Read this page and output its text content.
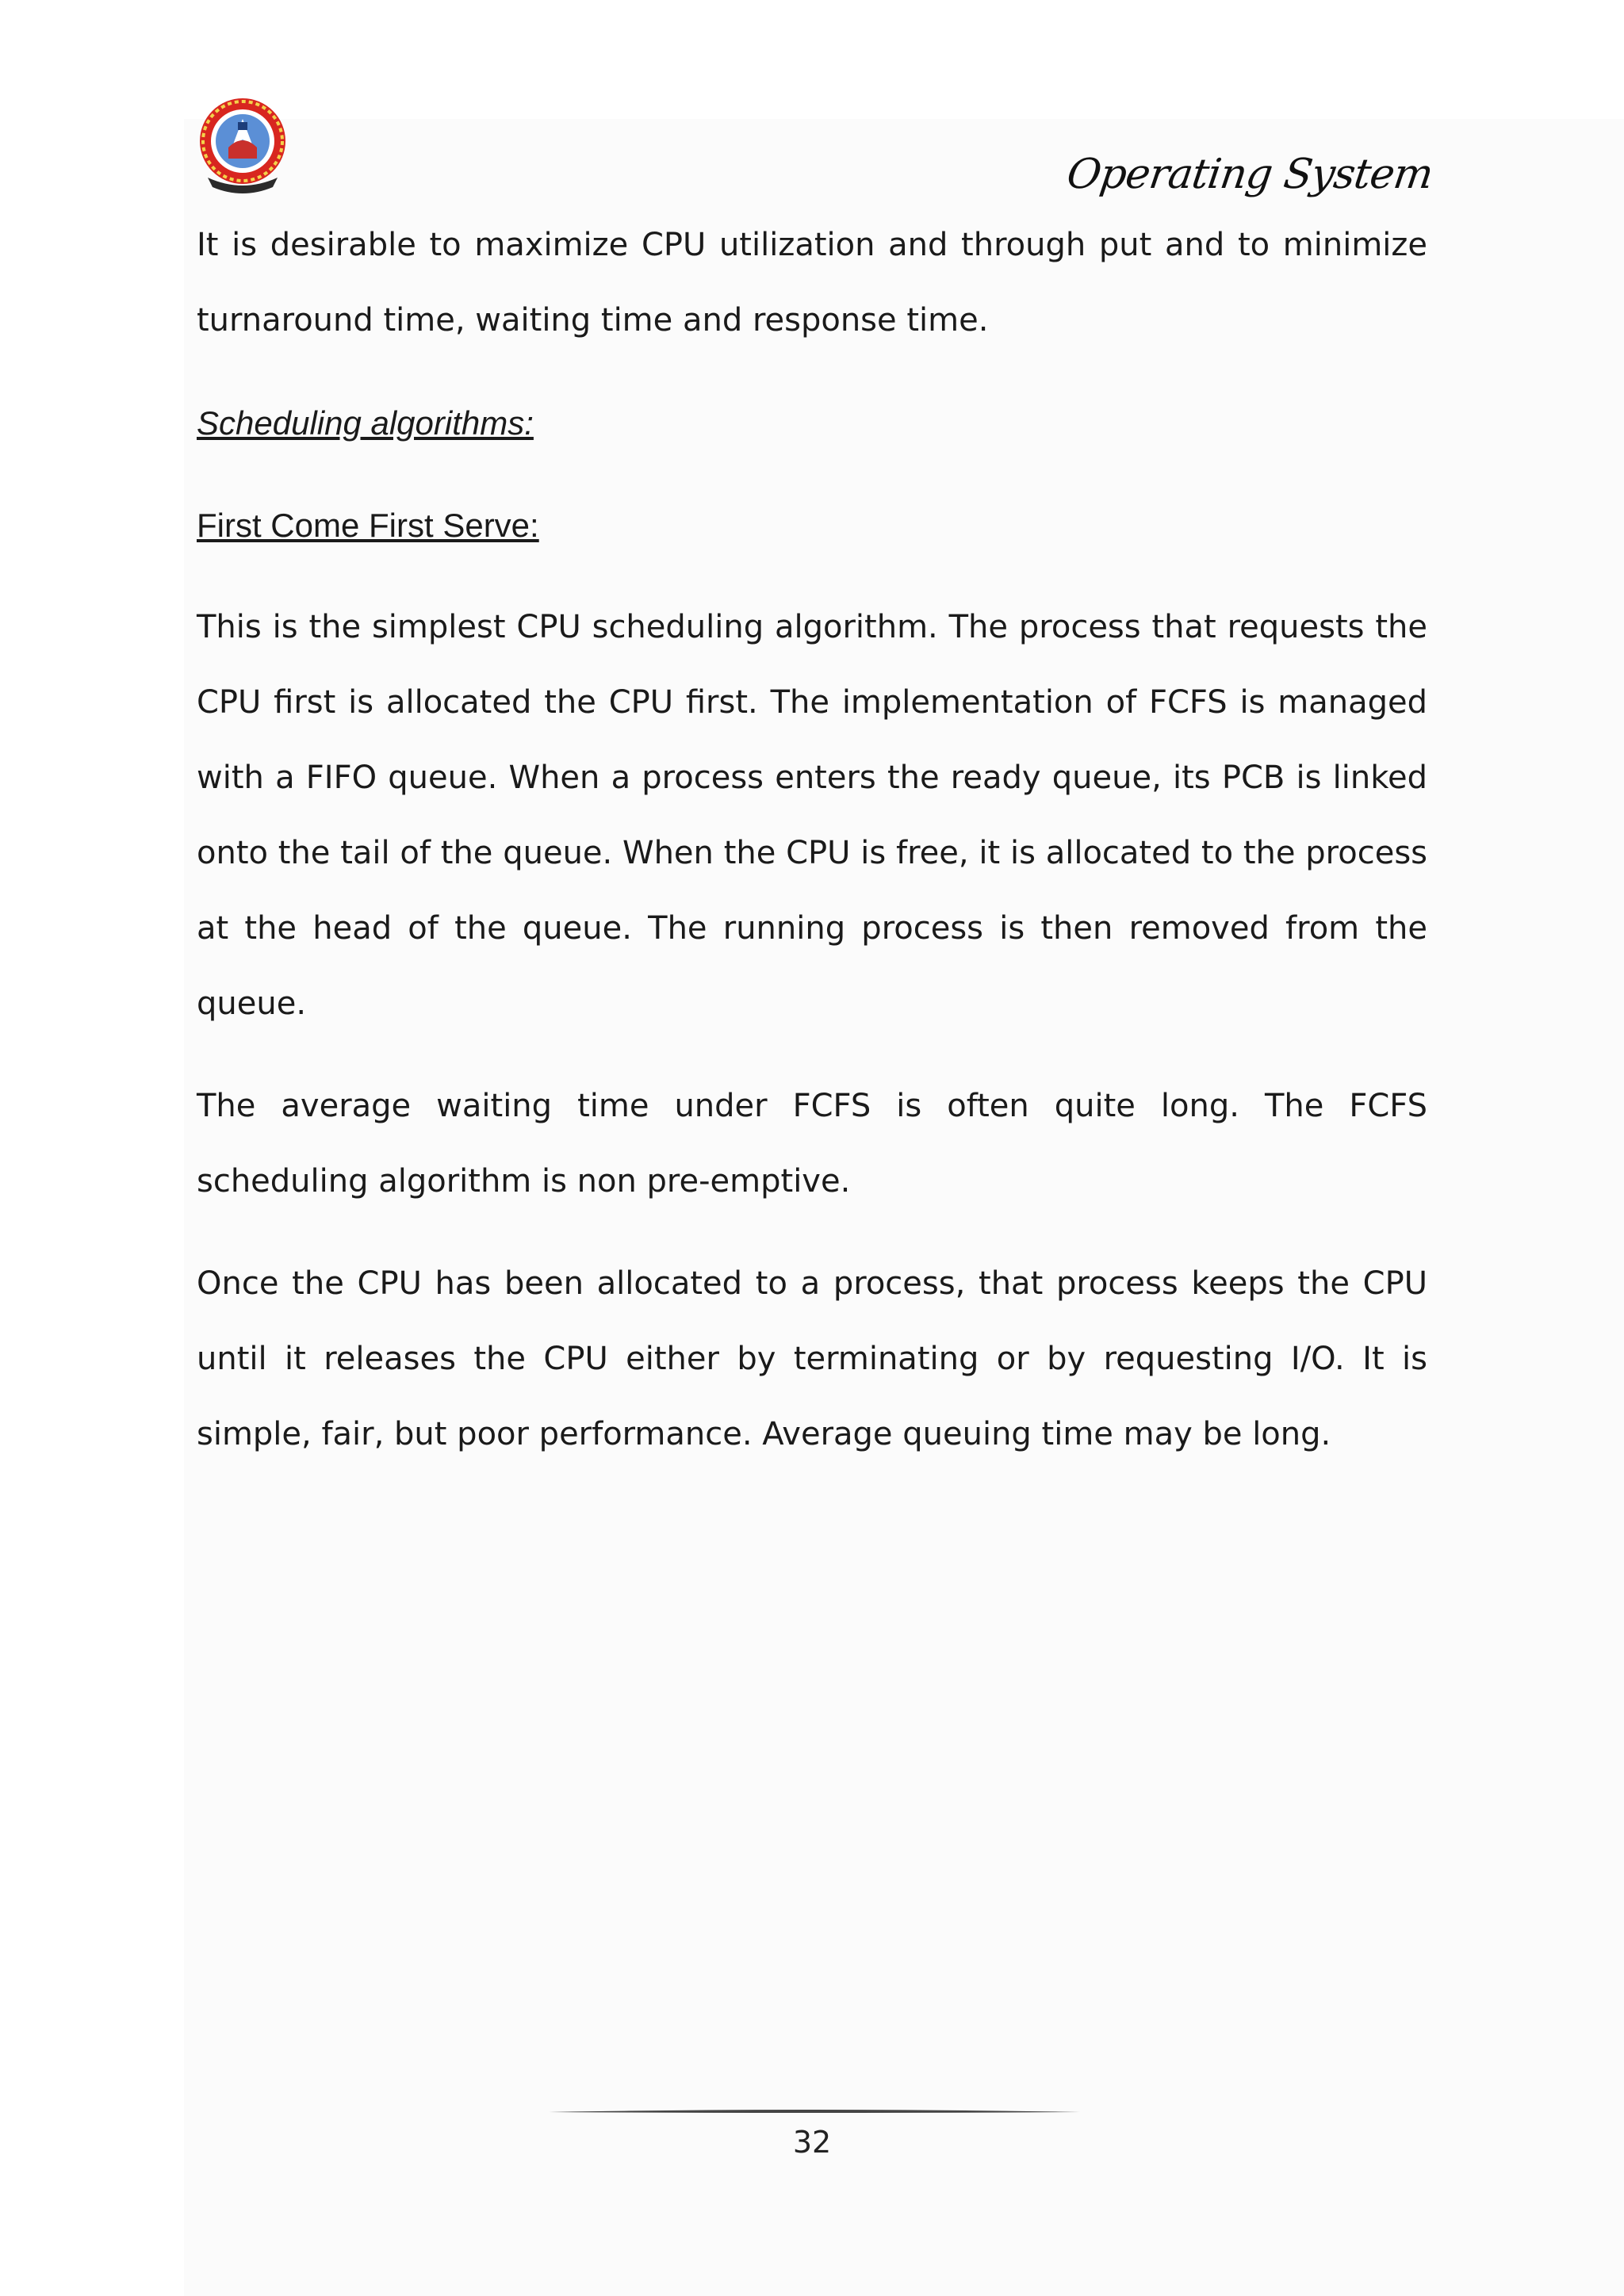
Operating System

It is desirable to maximize CPU utilization and through put and to minimize turnaround time, waiting time and response time.

Scheduling algorithms:
First Come First Serve:

This is the simplest CPU scheduling algorithm. The process that requests the CPU first is allocated the CPU first. The implementation of FCFS is managed with a FIFO queue. When a process enters the ready queue, its PCB is linked onto the tail of the queue. When the CPU is free, it is allocated to the process at the head of the queue. The running process is then removed from the queue.

The average waiting time under FCFS is often quite long. The FCFS scheduling algorithm is non pre-emptive.

Once the CPU has been allocated to a process, that process keeps the CPU until it releases the CPU either by terminating or by requesting I/O. It is simple, fair, but poor performance. Average queuing time may be long.

32
